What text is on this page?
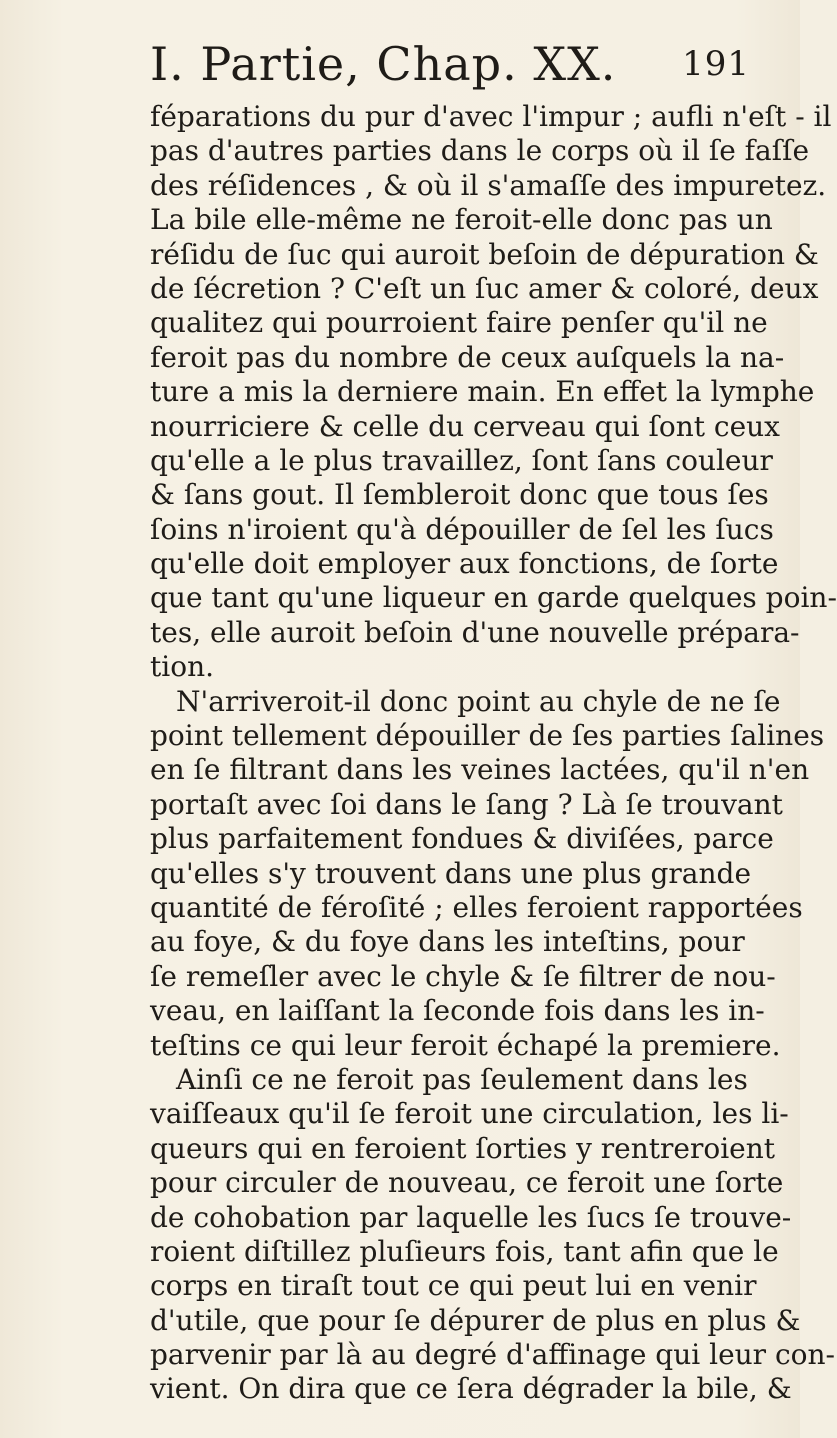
I. Partie, Chap. XX. 191
féparations du pur d'avec l'impur ; aufli n'eſt - il
pas d'autres parties dans le corps où il ſe faſſe
des réſidences , & où il s'amaſſe des impuretez.
La bile elle-même ne feroit-elle donc pas un
réſidu de ſuc qui auroit beſoin de dépuration &
de ſécretion ? C'eſt un ſuc amer & coloré, deux
qualitez qui pourroient faire penſer qu'il ne
feroit pas du nombre de ceux auſquels la na-
ture a mis la derniere main. En effet la lymphe
nourriciere & celle du cerveau qui ſont ceux
qu'elle a le plus travaillez, ſont ſans couleur
& ſans gout. Il ſembleroit donc que tous ſes
ſoins n'iroient qu'à dépouiller de ſel les ſucs
qu'elle doit employer aux fonctions, de ſorte
que tant qu'une liqueur en garde quelques poin-
tes, elle auroit beſoin d'une nouvelle prépara-
tion.
N'arriveroit-il donc point au chyle de ne ſe
point tellement dépouiller de ſes parties ſalines
en ſe filtrant dans les veines lactées, qu'il n'en
portaſt avec ſoi dans le ſang ? Là ſe trouvant
plus parfaitement fondues & diviſées, parce
qu'elles s'y trouvent dans une plus grande
quantité de féroſité ; elles feroient rapportées
au foye, & du foye dans les inteſtins, pour
ſe remeſler avec le chyle & ſe filtrer de nou-
veau, en laiſſant la ſeconde fois dans les in-
teſtins ce qui leur feroit échapé la premiere.
Ainſi ce ne feroit pas ſeulement dans les
vaiſſeaux qu'il ſe feroit une circulation, les li-
queurs qui en feroient ſorties y rentreroient
pour circuler de nouveau, ce feroit une ſorte
de cohobation par laquelle les ſucs ſe trouve-
roient diſtillez pluſieurs fois, tant afin que le
corps en tiraſt tout ce qui peut lui en venir
d'utile, que pour ſe dépurer de plus en plus &
parvenir par là au degré d'affinage qui leur con-
vient. On dira que ce ſera dégrader la bile, &
